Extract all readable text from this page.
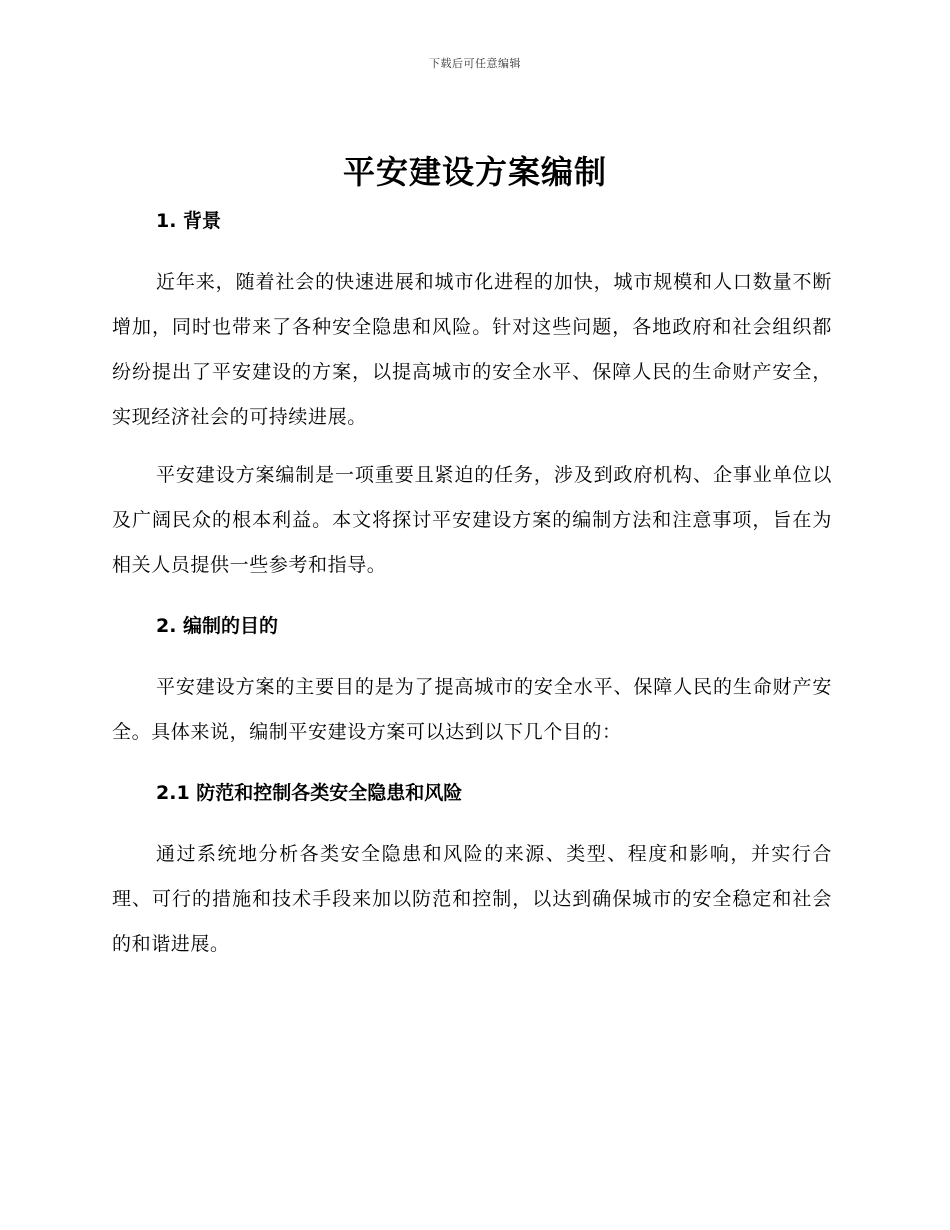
下载后可任意编辑
平安建设方案编制
1. 背景

近年来，随着社会的快速进展和城市化进程的加快，城市规模和人口数量不断增加，同时也带来了各种安全隐患和风险。针对这些问题，各地政府和社会组织都纷纷提出了平安建设的方案，以提高城市的安全水平、保障人民的生命财产安全，实现经济社会的可持续进展。

平安建设方案编制是一项重要且紧迫的任务，涉及到政府机构、企事业单位以及广阔民众的根本利益。本文将探讨平安建设方案的编制方法和注意事项，旨在为相关人员提供一些参考和指导。

2. 编制的目的

平安建设方案的主要目的是为了提高城市的安全水平、保障人民的生命财产安全。具体来说，编制平安建设方案可以达到以下几个目的：

2.1 防范和控制各类安全隐患和风险

通过系统地分析各类安全隐患和风险的来源、类型、程度和影响，并实行合理、可行的措施和技术手段来加以防范和控制，以达到确保城市的安全稳定和社会的和谐进展。
